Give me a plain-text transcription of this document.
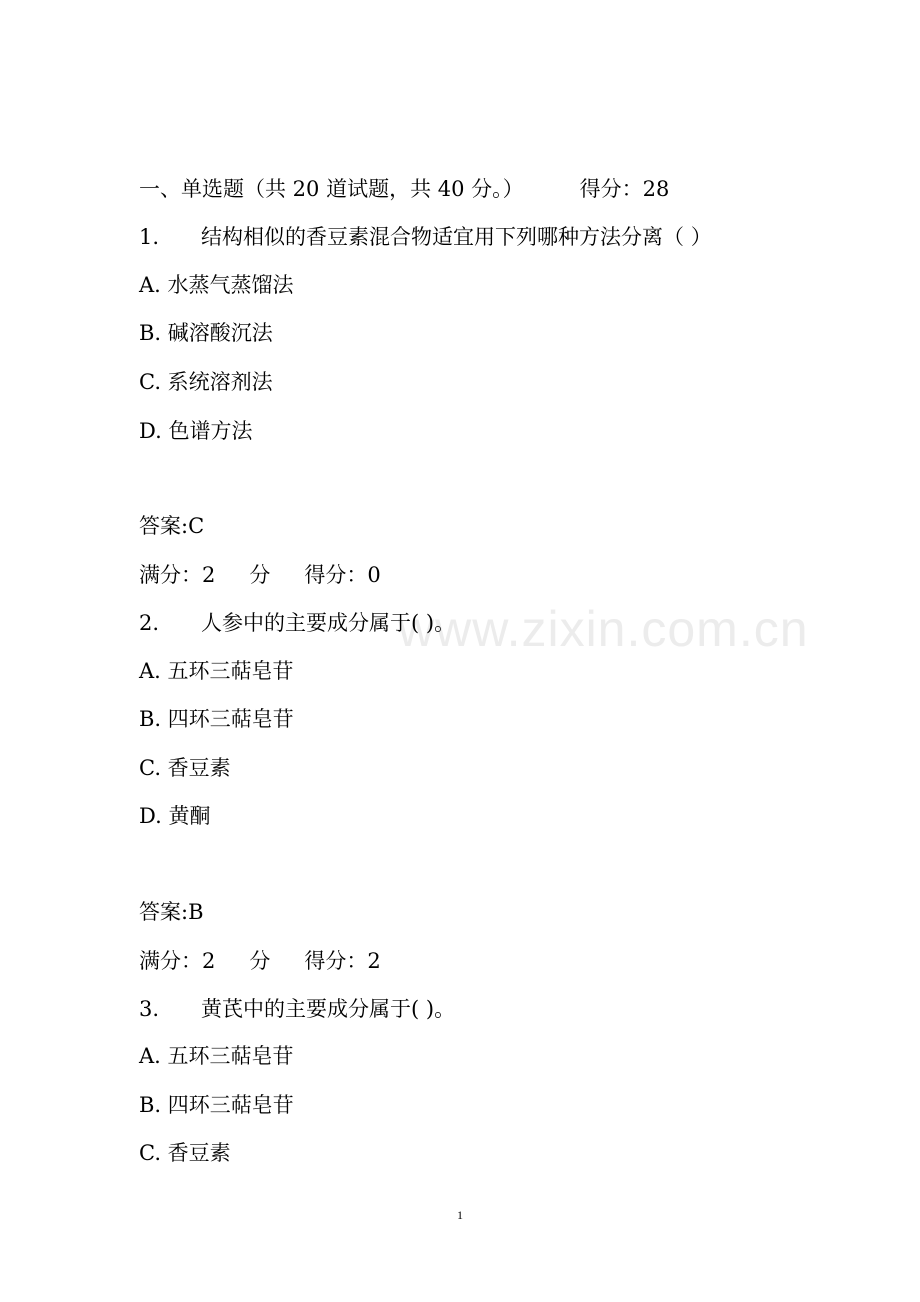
www.zixin.com.cn
一、单选题（共 20 道试题，共 40 分。）	得分：28
1. 结构相似的香豆素混合物适宜用下列哪种方法分离（ ）
A. 水蒸气蒸馏法
B. 碱溶酸沉法
C. 系统溶剂法
D. 色谱方法
答案:C
满分：2 分 得分：0
2. 人参中的主要成分属于( )。
A. 五环三萜皂苷
B. 四环三萜皂苷
C. 香豆素
D. 黄酮
答案:B
满分：2 分 得分：2
3. 黄芪中的主要成分属于( )。
A. 五环三萜皂苷
B. 四环三萜皂苷
C. 香豆素
1
